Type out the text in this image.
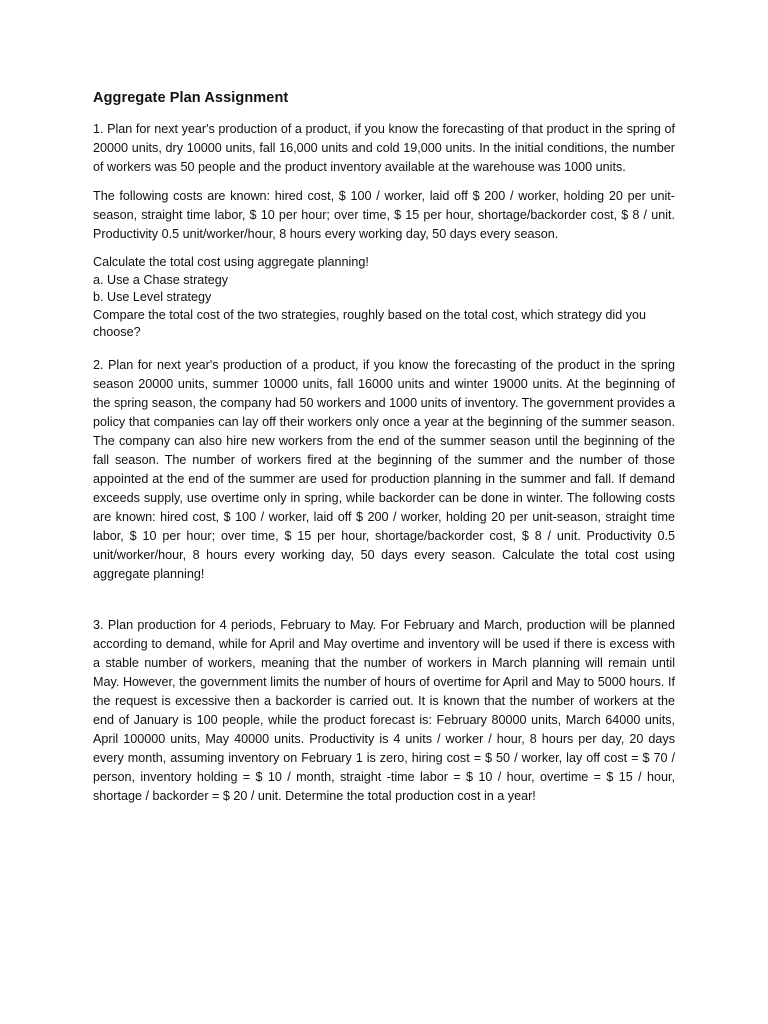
Aggregate Plan Assignment

1. Plan for next year's production of a product, if you know the forecasting of that product in the spring of 20000 units, dry 10000 units, fall 16,000 units and cold 19,000 units. In the initial conditions, the number of workers was 50 people and the product inventory available at the warehouse was 1000 units.

The following costs are known: hired cost, $ 100 / worker, laid off $ 200 / worker, holding 20 per unit-season, straight time labor, $ 10 per hour; over time, $ 15 per hour, shortage/backorder cost, $ 8 / unit. Productivity 0.5 unit/worker/hour, 8 hours every working day, 50 days every season.

Calculate the total cost using aggregate planning!

a. Use a Chase strategy

b. Use Level strategy

Compare the total cost of the two strategies, roughly based on the total cost, which strategy did you choose?

2. Plan for next year's production of a product, if you know the forecasting of the product in the spring season 20000 units, summer 10000 units, fall 16000 units and winter 19000 units. At the beginning of the spring season, the company had 50 workers and 1000 units of inventory. The government provides a policy that companies can lay off their workers only once a year at the beginning of the summer season. The company can also hire new workers from the end of the summer season until the beginning of the fall season. The number of workers fired at the beginning of the summer and the number of those appointed at the end of the summer are used for production planning in the summer and fall. If demand exceeds supply, use overtime only in spring, while backorder can be done in winter. The following costs are known: hired cost, $ 100 / worker, laid off $ 200 / worker, holding 20 per unit-season, straight time labor, $ 10 per hour; over time, $ 15 per hour, shortage/backorder cost, $ 8 / unit. Productivity 0.5 unit/worker/hour, 8 hours every working day, 50 days every season. Calculate the total cost using aggregate planning!

3. Plan production for 4 periods, February to May. For February and March, production will be planned according to demand, while for April and May overtime and inventory will be used if there is excess with a stable number of workers, meaning that the number of workers in March planning will remain until May. However, the government limits the number of hours of overtime for April and May to 5000 hours. If the request is excessive then a backorder is carried out. It is known that the number of workers at the end of January is 100 people, while the product forecast is: February 80000 units, March 64000 units, April 100000 units, May 40000 units. Productivity is 4 units / worker / hour, 8 hours per day, 20 days every month, assuming inventory on February 1 is zero, hiring cost = $ 50 / worker, lay off cost = $ 70 / person, inventory holding = $ 10 / month, straight -time labor = $ 10 / hour, overtime = $ 15 / hour, shortage / backorder = $ 20 / unit. Determine the total production cost in a year!
